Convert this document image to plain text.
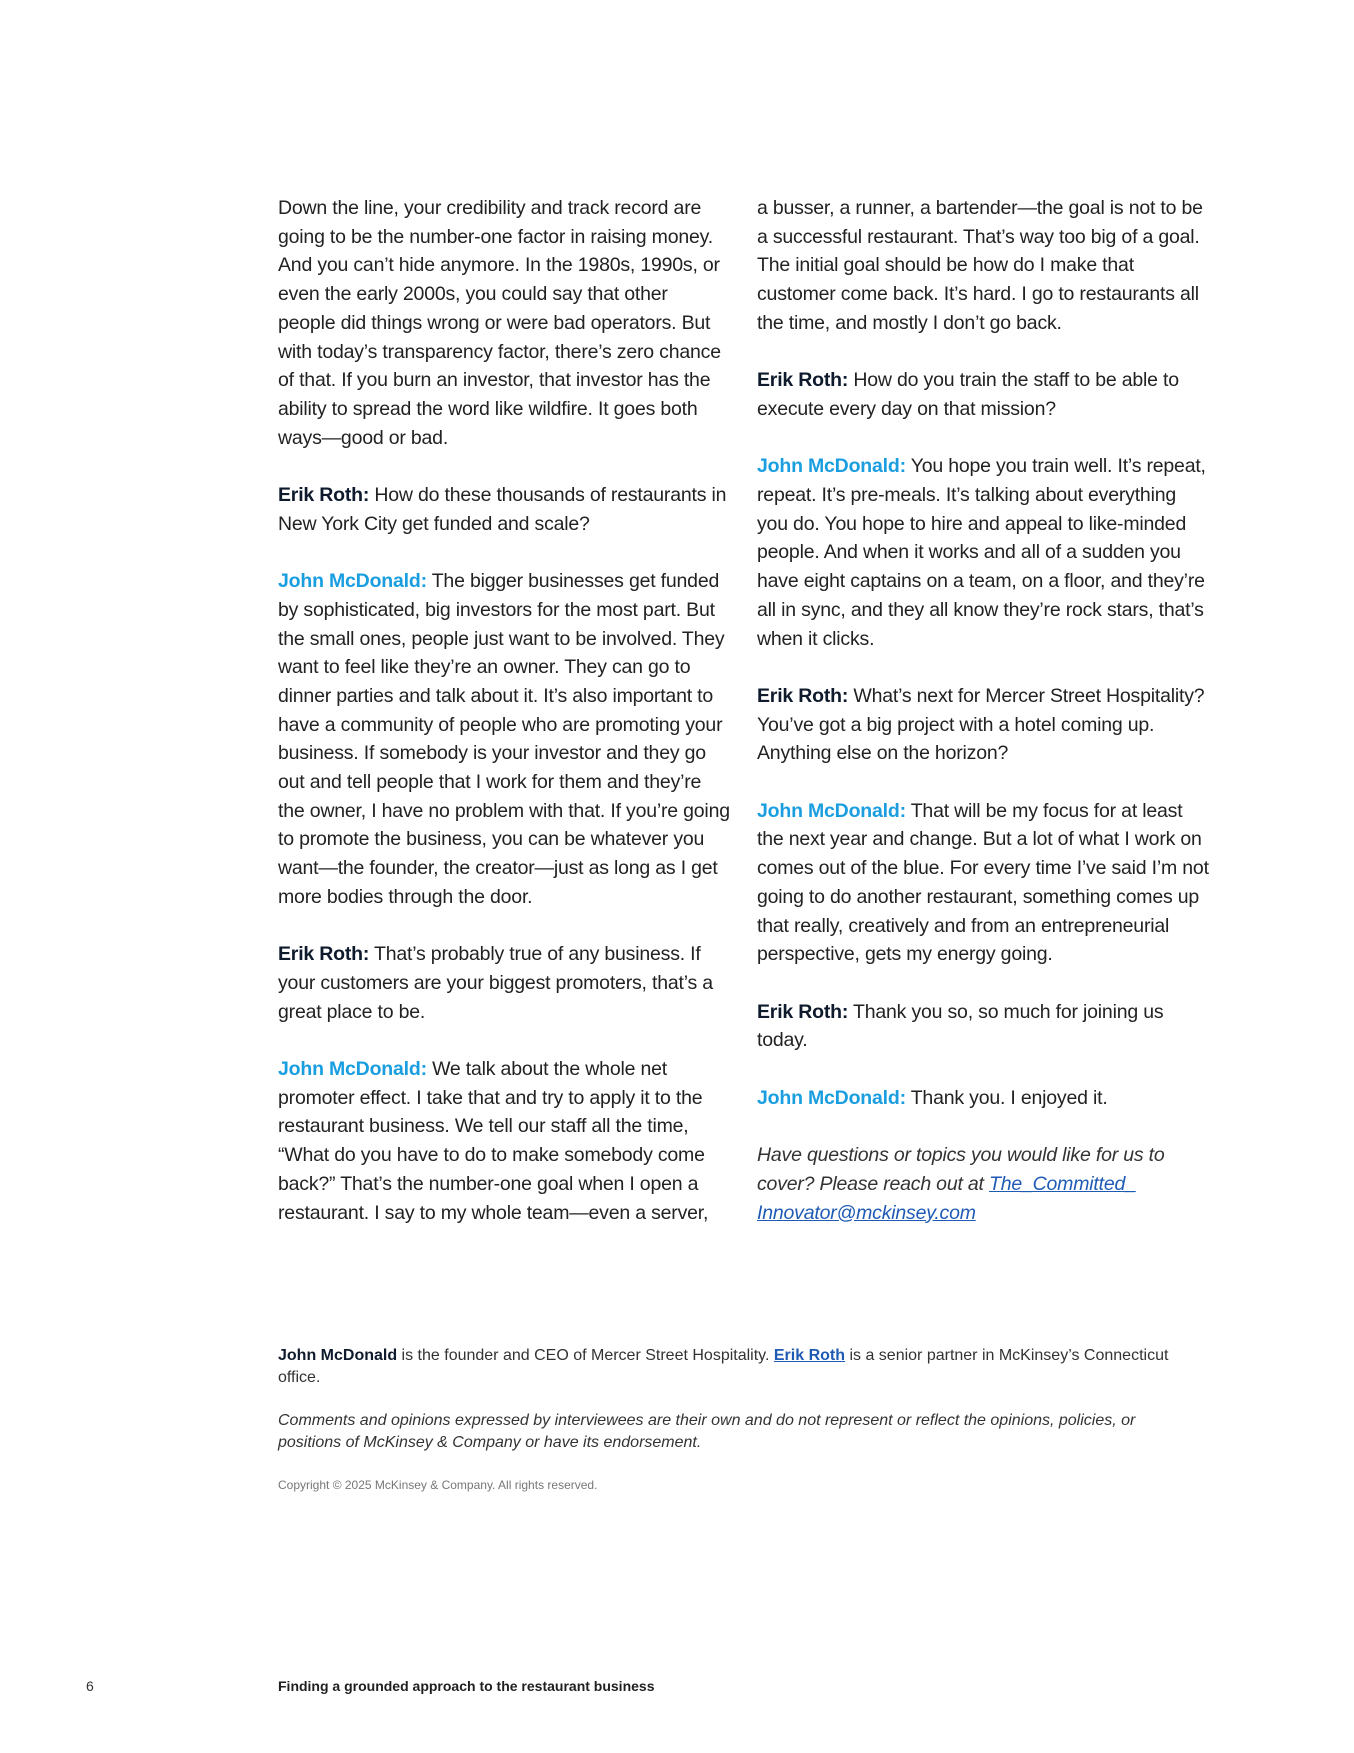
Down the line, your credibility and track record are going to be the number-one factor in raising money. And you can’t hide anymore. In the 1980s, 1990s, or even the early 2000s, you could say that other people did things wrong or were bad operators. But with today’s transparency factor, there’s zero chance of that. If you burn an investor, that investor has the ability to spread the word like wildfire. It goes both ways—good or bad.

Erik Roth: How do these thousands of restaurants in New York City get funded and scale?

John McDonald: The bigger businesses get funded by sophisticated, big investors for the most part. But the small ones, people just want to be involved. They want to feel like they’re an owner. They can go to dinner parties and talk about it. It’s also important to have a community of people who are promoting your business. If somebody is your investor and they go out and tell people that I work for them and they’re the owner, I have no problem with that. If you’re going to promote the business, you can be whatever you want—the founder, the creator—just as long as I get more bodies through the door.

Erik Roth: That’s probably true of any business. If your customers are your biggest promoters, that’s a great place to be.

John McDonald: We talk about the whole net promoter effect. I take that and try to apply it to the restaurant business. We tell our staff all the time, “What do you have to do to make somebody come back?” That’s the number-one goal when I open a restaurant. I say to my whole team—even a server,

a busser, a runner, a bartender—the goal is not to be a successful restaurant. That’s way too big of a goal. The initial goal should be how do I make that customer come back. It’s hard. I go to restaurants all the time, and mostly I don’t go back.

Erik Roth: How do you train the staff to be able to execute every day on that mission?

John McDonald: You hope you train well. It’s repeat, repeat. It’s pre-meals. It’s talking about everything you do. You hope to hire and appeal to like-minded people. And when it works and all of a sudden you have eight captains on a team, on a floor, and they’re all in sync, and they all know they’re rock stars, that’s when it clicks.

Erik Roth: What’s next for Mercer Street Hospitality? You’ve got a big project with a hotel coming up. Anything else on the horizon?

John McDonald: That will be my focus for at least the next year and change. But a lot of what I work on comes out of the blue. For every time I’ve said I’m not going to do another restaurant, something comes up that really, creatively and from an entrepreneurial perspective, gets my energy going.

Erik Roth: Thank you so, so much for joining us today.

John McDonald: Thank you. I enjoyed it.

Have questions or topics you would like for us to cover? Please reach out at The_Committed_ Innovator@mckinsey.com

John McDonald is the founder and CEO of Mercer Street Hospitality. Erik Roth is a senior partner in McKinsey’s Connecticut office.

Comments and opinions expressed by interviewees are their own and do not represent or reflect the opinions, policies, or positions of McKinsey & Company or have its endorsement.
Copyright © 2025 McKinsey & Company. All rights reserved.
6	Finding a grounded approach to the restaurant business
